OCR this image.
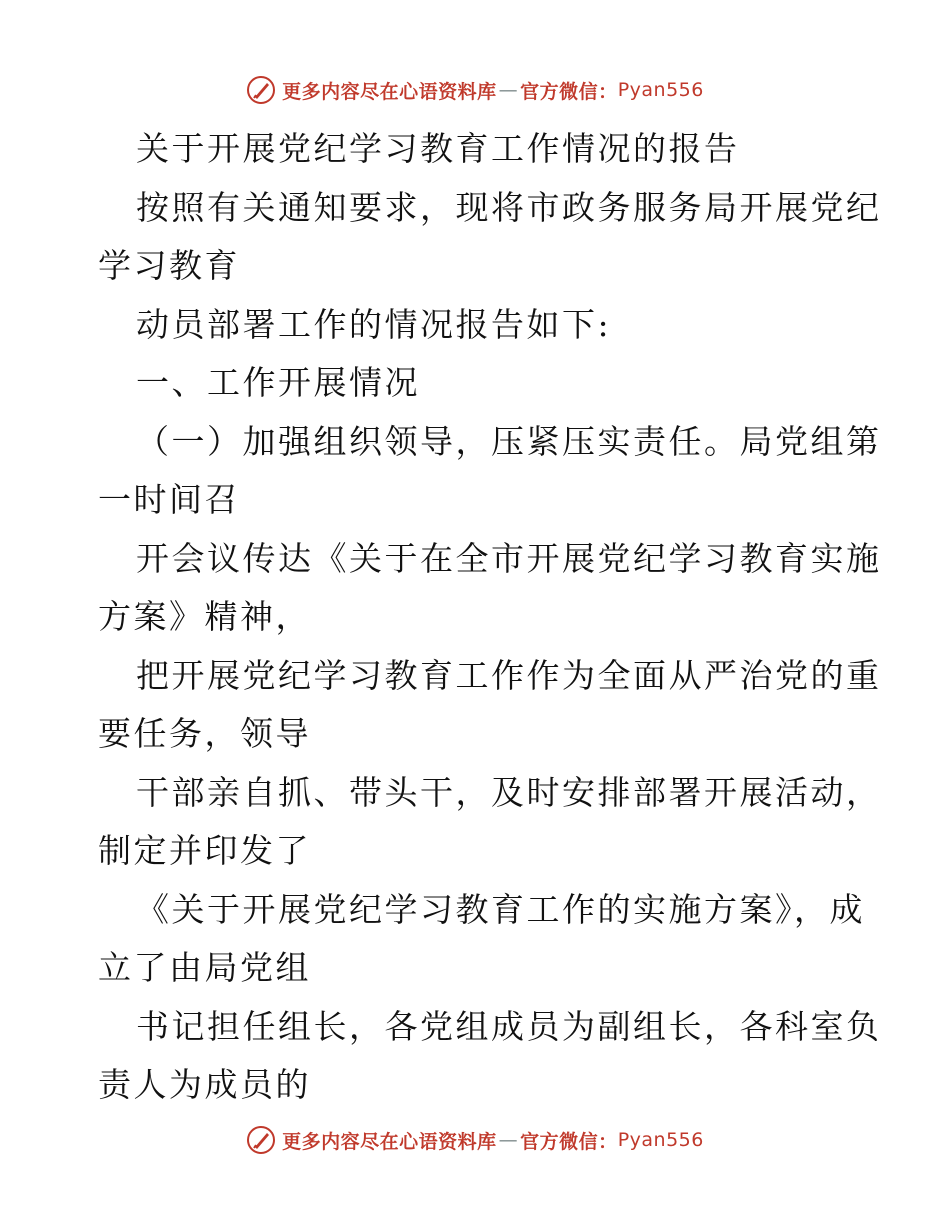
更多内容尽在心语资料库 — 官方微信： Pyan556
关于开展党纪学习教育工作情况的报告
按照有关通知要求，现将市政务服务局开展党纪
学习教育
动员部署工作的情况报告如下:
一、工作开展情况
（一）加强组织领导，压紧压实责任。局党组第
一时间召
开会议传达《关于在全市开展党纪学习教育实施
方案》精神，
把开展党纪学习教育工作作为全面从严治党的重
要任务，领导
干部亲自抓、带头干，及时安排部署开展活动，
制定并印发了
《关于开展党纪学习教育工作的实施方案》，成
立了由局党组
书记担任组长，各党组成员为副组长，各科室负
责人为成员的
更多内容尽在心语资料库 — 官方微信： Pyan556
